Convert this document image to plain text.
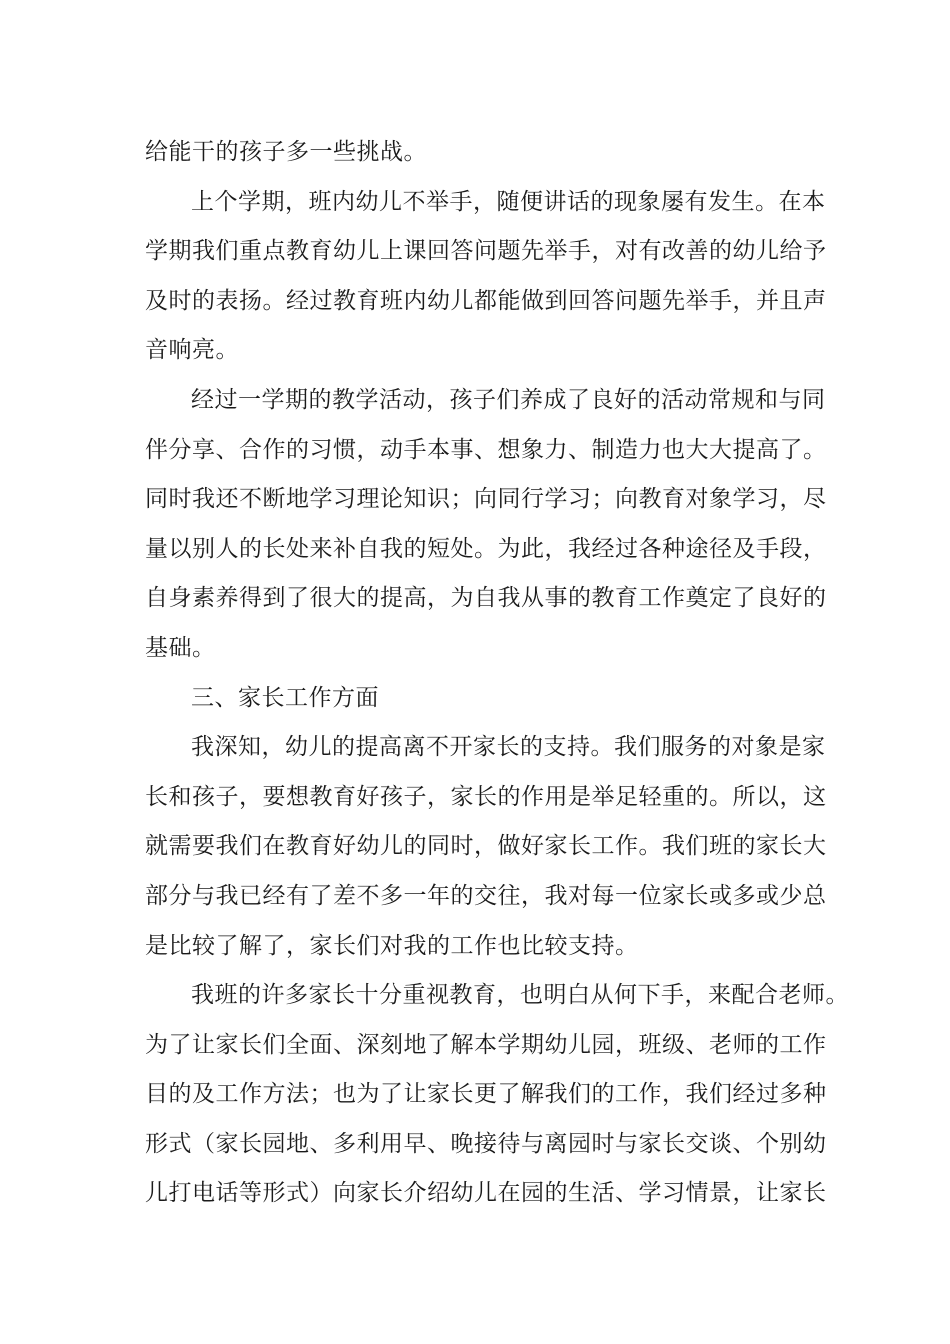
给能干的孩子多一些挑战。
上个学期，班内幼儿不举手，随便讲话的现象屡有发生。在本
学期我们重点教育幼儿上课回答问题先举手，对有改善的幼儿给予
及时的表扬。经过教育班内幼儿都能做到回答问题先举手，并且声
音响亮。
经过一学期的教学活动，孩子们养成了良好的活动常规和与同
伴分享、合作的习惯，动手本事、想象力、制造力也大大提高了。
同时我还不断地学习理论知识；向同行学习；向教育对象学习，尽
量以别人的长处来补自我的短处。为此，我经过各种途径及手段，
自身素养得到了很大的提高，为自我从事的教育工作奠定了良好的
基础。
三、家长工作方面
我深知，幼儿的提高离不开家长的支持。我们服务的对象是家
长和孩子，要想教育好孩子，家长的作用是举足轻重的。所以，这
就需要我们在教育好幼儿的同时，做好家长工作。我们班的家长大
部分与我已经有了差不多一年的交往，我对每一位家长或多或少总
是比较了解了，家长们对我的工作也比较支持。
我班的许多家长十分重视教育，也明白从何下手，来配合老师。
为了让家长们全面、深刻地了解本学期幼儿园，班级、老师的工作
目的及工作方法；也为了让家长更了解我们的工作，我们经过多种
形式（家长园地、多利用早、晚接待与离园时与家长交谈、个别幼
儿打电话等形式）向家长介绍幼儿在园的生活、学习情景，让家长
